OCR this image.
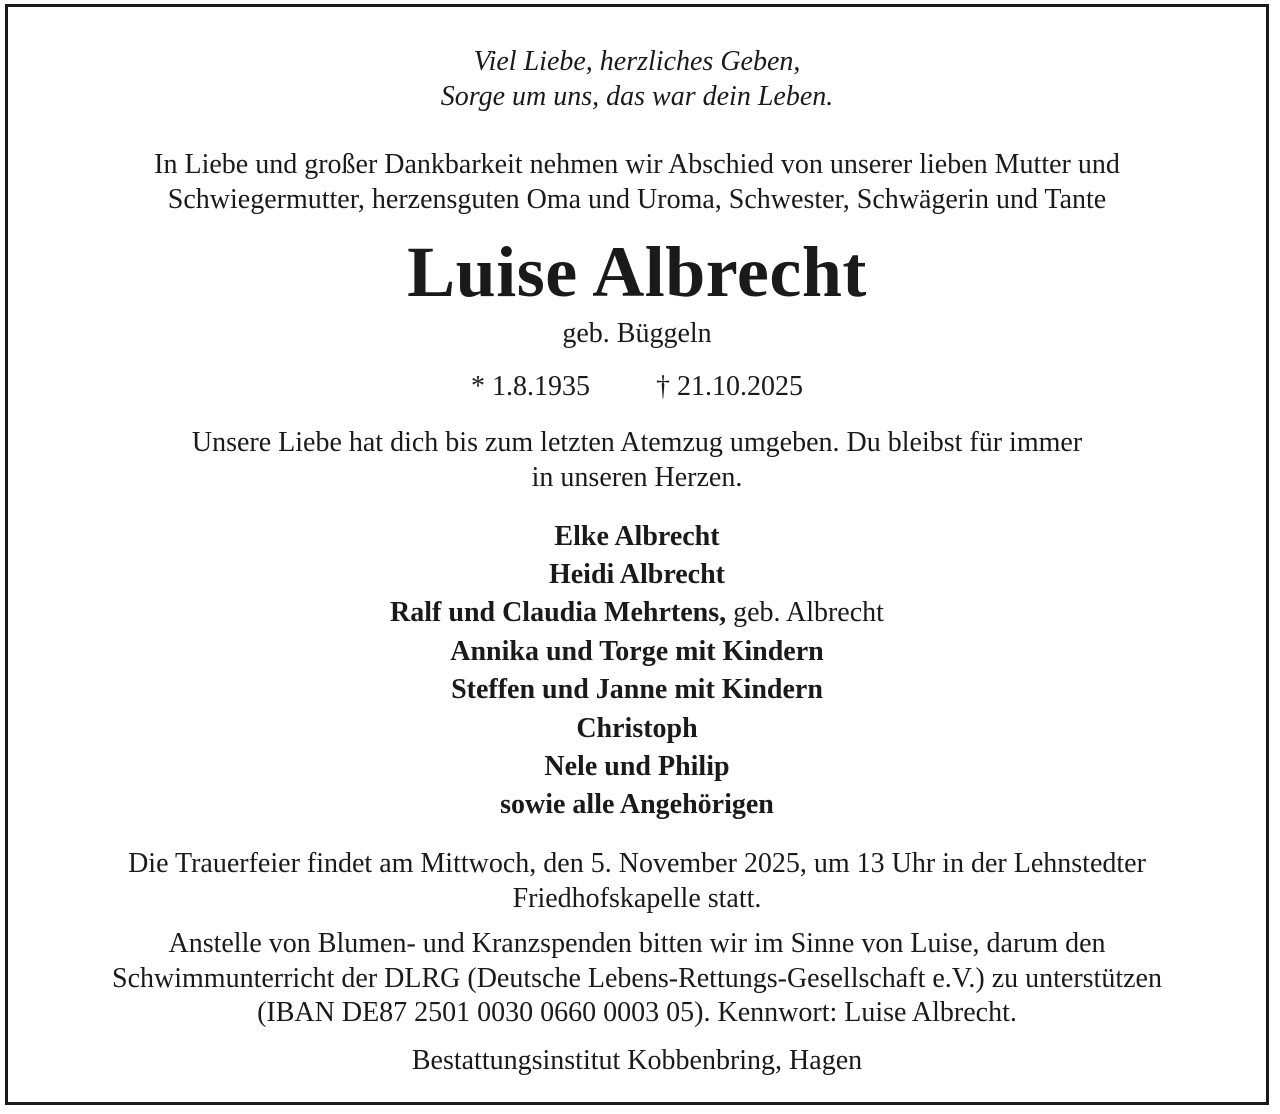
Viel Liebe, herzliches Geben,
Sorge um uns, das war dein Leben.
In Liebe und großer Dankbarkeit nehmen wir Abschied von unserer lieben Mutter und
Schwiegermutter, herzensguten Oma und Uroma, Schwester, Schwägerin und Tante
Luise Albrecht
geb. Büggeln
* 1.8.1935 † 21.10.2025
Unsere Liebe hat dich bis zum letzten Atemzug umgeben. Du bleibst für immer
in unseren Herzen.
Elke Albrecht
Heidi Albrecht
Ralf und Claudia Mehrtens, geb. Albrecht
Annika und Torge mit Kindern
Steffen und Janne mit Kindern
Christoph
Nele und Philip
sowie alle Angehörigen
Die Trauerfeier findet am Mittwoch, den 5. November 2025, um 13 Uhr in der Lehnstedter
Friedhofskapelle statt.
Anstelle von Blumen- und Kranzspenden bitten wir im Sinne von Luise, darum den
Schwimmunterricht der DLRG (Deutsche Lebens-Rettungs-Gesellschaft e.V.) zu unterstützen
(IBAN DE87 2501 0030 0660 0003 05). Kennwort: Luise Albrecht.
Bestattungsinstitut Kobbenbring, Hagen
